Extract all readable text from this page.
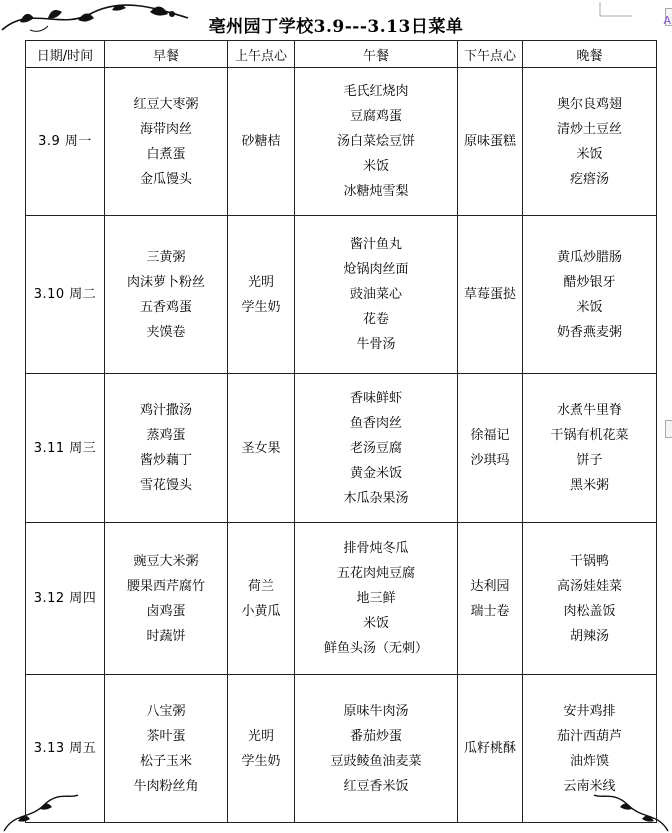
A
亳州园丁学校3.9---3.13日菜单
日期/时间	早餐	上午点心	午餐	下午点心	晚餐
3.9 周一	红豆大枣粥
海带肉丝
白煮蛋
金瓜馒头	砂糖桔	毛氏红烧肉
豆腐鸡蛋
汤白菜烩豆饼
米饭
冰糖炖雪梨	原味蛋糕	奥尔良鸡翅
清炒土豆丝
米饭
疙瘩汤

3.10 周二	三黄粥
肉沫萝卜粉丝
五香鸡蛋
夹馍卷	光明
学生奶	酱汁鱼丸
炝锅肉丝面
豉油菜心
花卷
牛骨汤	草莓蛋挞	黄瓜炒腊肠
醋炒银牙
米饭
奶香燕麦粥

3.11 周三	鸡汁撒汤
蒸鸡蛋
酱炒藕丁
雪花馒头	圣女果	香味鲜虾
鱼香肉丝
老汤豆腐
黄金米饭
木瓜杂果汤	徐福记
沙琪玛	水煮牛里脊
干锅有机花菜
饼子
黑米粥

3.12 周四	豌豆大米粥
腰果西芹腐竹
卤鸡蛋
时蔬饼	荷兰
小黄瓜	排骨炖冬瓜
五花肉炖豆腐
地三鲜
米饭
鲜鱼头汤（无刺）	达利园
瑞士卷	干锅鸭
高汤娃娃菜
肉松盖饭
胡辣汤

3.13 周五	八宝粥
茶叶蛋
松子玉米
牛肉粉丝角	光明
学生奶	原味牛肉汤
番茄炒蛋
豆豉鲮鱼油麦菜
红豆香米饭	瓜籽桃酥	安井鸡排
茄汁西葫芦
油炸馍
云南米线
